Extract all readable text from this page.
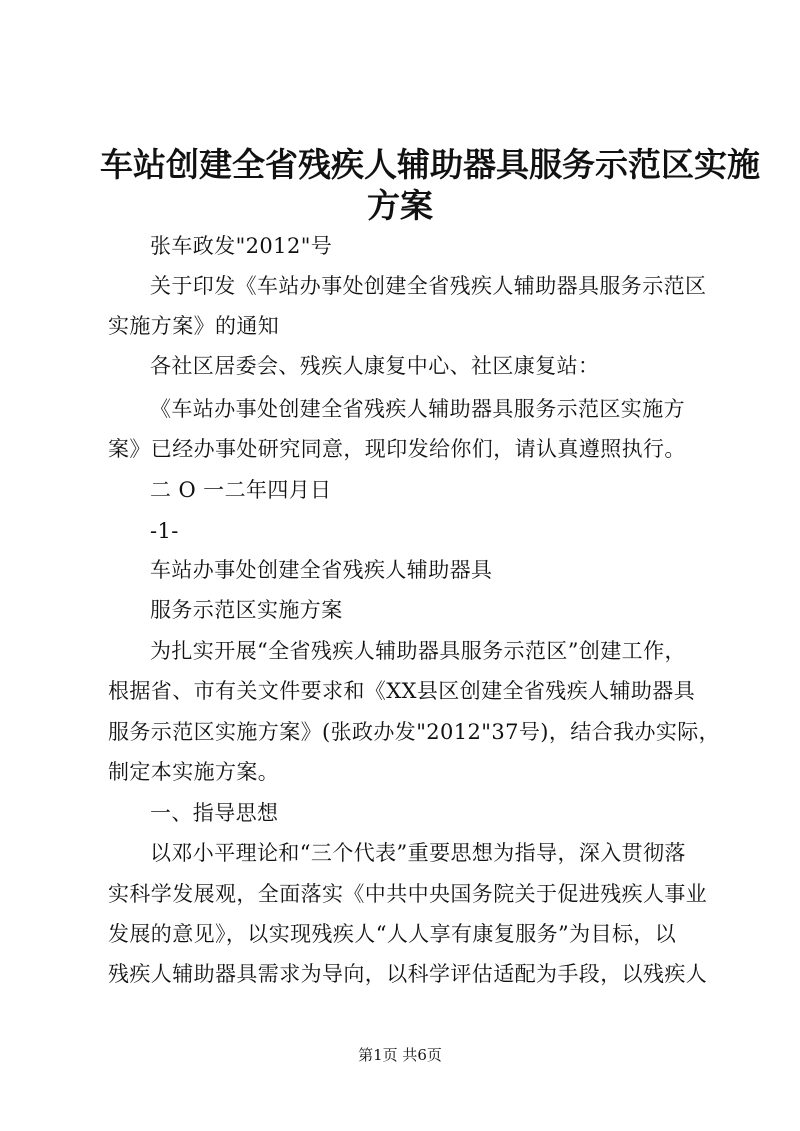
车站创建全省残疾人辅助器具服务示范区实施
方案
张车政发"2012"号
关于印发《车站办事处创建全省残疾人辅助器具服务示范区
实施方案》的通知
各社区居委会、残疾人康复中心、社区康复站：
《车站办事处创建全省残疾人辅助器具服务示范区实施方
案》已经办事处研究同意，现印发给你们，请认真遵照执行。
二 O 一二年四月日
-1-
车站办事处创建全省残疾人辅助器具
服务示范区实施方案
为扎实开展“全省残疾人辅助器具服务示范区”创建工作，
根据省、市有关文件要求和《XX县区创建全省残疾人辅助器具
服务示范区实施方案》(张政办发"2012"37号)，结合我办实际，
制定本实施方案。
一、指导思想
以邓小平理论和“三个代表”重要思想为指导，深入贯彻落
实科学发展观，全面落实《中共中央国务院关于促进残疾人事业
发展的意见》，以实现残疾人“人人享有康复服务”为目标，以
残疾人辅助器具需求为导向，以科学评估适配为手段，以残疾人
第1页 共6页
